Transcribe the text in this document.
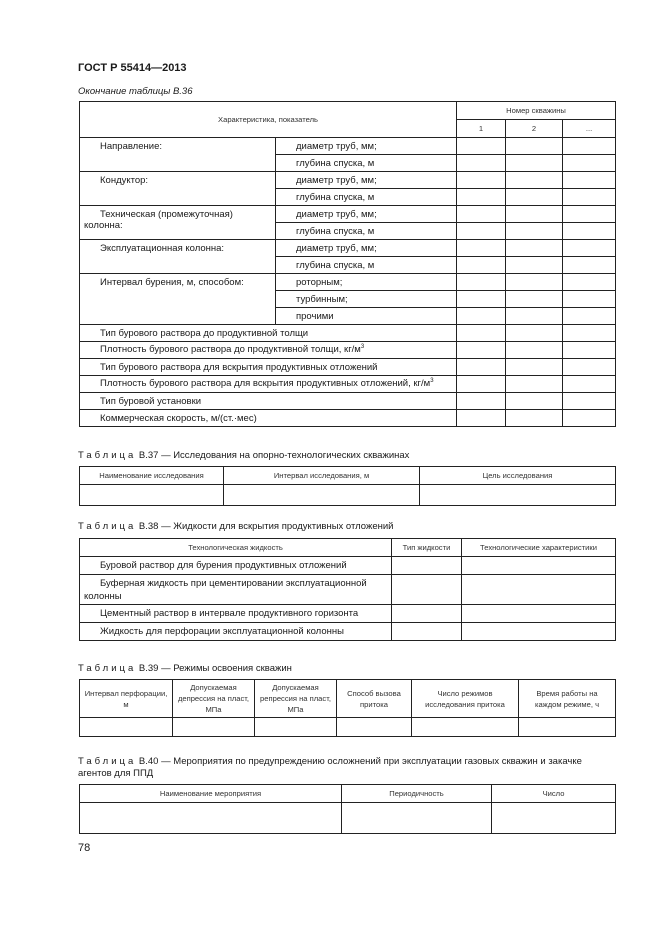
ГОСТ Р 55414—2013
Окончание таблицы В.36
Характеристика, показатель		Номер скважины		
		1	2	...
Направление:	диаметр труб, мм;			
	глубина спуска, м			
Кондуктор:	диаметр труб, мм;			
	глубина спуска, м			
Техническая (промежуточная) колонна:	диаметр труб, мм;			
	глубина спуска, м			
Эксплуатационная колонна:	диаметр труб, мм;			
	глубина спуска, м			
Интервал бурения, м, способом:	роторным;			
	турбинным;			
	прочими			
Тип бурового раствора до продуктивной толщи				
Плотность бурового раствора до продуктивной толщи, $кг/м^3$			
Тип бурового раствора для вскрытия продуктивных отложений				
Плотность бурового раствора для вскрытия продуктивных отложений, $кг/м^3$			
Тип буровой установки				
Коммерческая скорость, м/(ст.·мес)				
Таблица В.37 — Исследования на опорно-технологических скважинах
Наименование исследования	Интервал исследования, м	Цель исследования

Таблица В.38 — Жидкости для вскрытия продуктивных отложений
Технологическая жидкость	Тип жидкости	Технологические характеристики
Буровой раствор для бурения продуктивных отложений		
Буферная жидкость при цементировании эксплуатационной колонны		
Цементный раствор в интервале продуктивного горизонта		
Жидкость для перфорации эксплуатационной колонны		
Таблица В.39 — Режимы освоения скважин
Интервал перфорации, м	Допускаемая депрессия на пласт, МПа	Допускаемая репрессия на пласт, МПа	Способ вызова притока	Число режимов исследования притока	Время работы на каждом режиме, ч

Таблица В.40 — Мероприятия по предупреждению осложнений при эксплуатации газовых скважин и закачке агентов для ППД
Наименование мероприятия	Периодичность	Число

78
